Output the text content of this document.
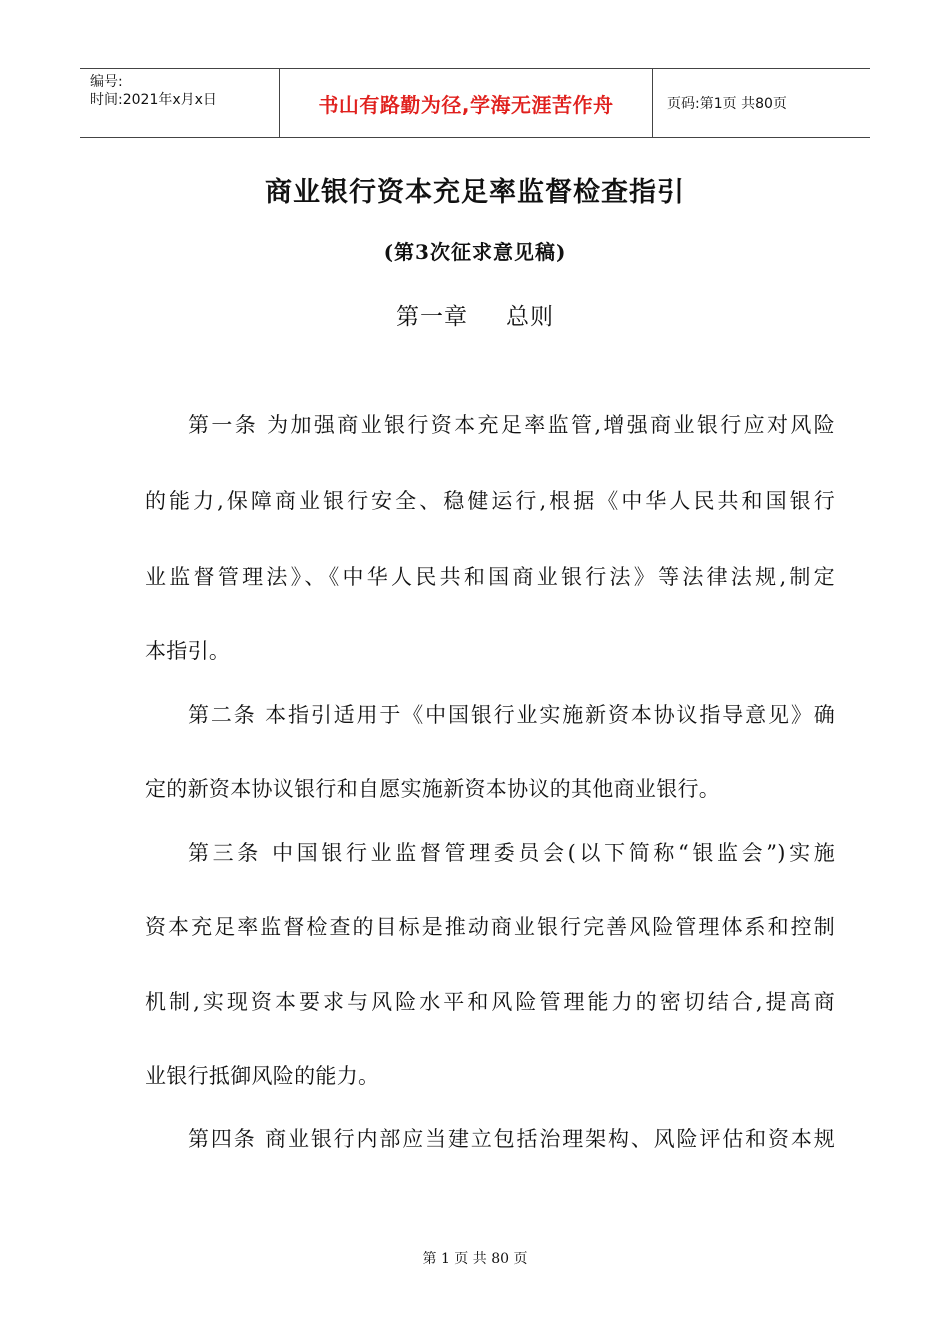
编号:
时间:2021年x月x日	书山有路勤为径,学海无涯苦作舟	页码:第1页 共80页
商业银行资本充足率监督检查指引
(第3次征求意见稿)
第一章 总则
第一条 为加强商业银行资本充足率监管,增强商业银行应对风险
的能力,保障商业银行安全、稳健运行,根据《中华人民共和国银行
业监督管理法》、《中华人民共和国商业银行法》等法律法规,制定
本指引。
第二条 本指引适用于《中国银行业实施新资本协议指导意见》确
定的新资本协议银行和自愿实施新资本协议的其他商业银行。
第三条 中国银行业监督管理委员会(以下简称“银监会”)实施
资本充足率监督检查的目标是推动商业银行完善风险管理体系和控制
机制,实现资本要求与风险水平和风险管理能力的密切结合,提高商
业银行抵御风险的能力。
第四条 商业银行内部应当建立包括治理架构、风险评估和资本规
第 1 页 共 80 页
